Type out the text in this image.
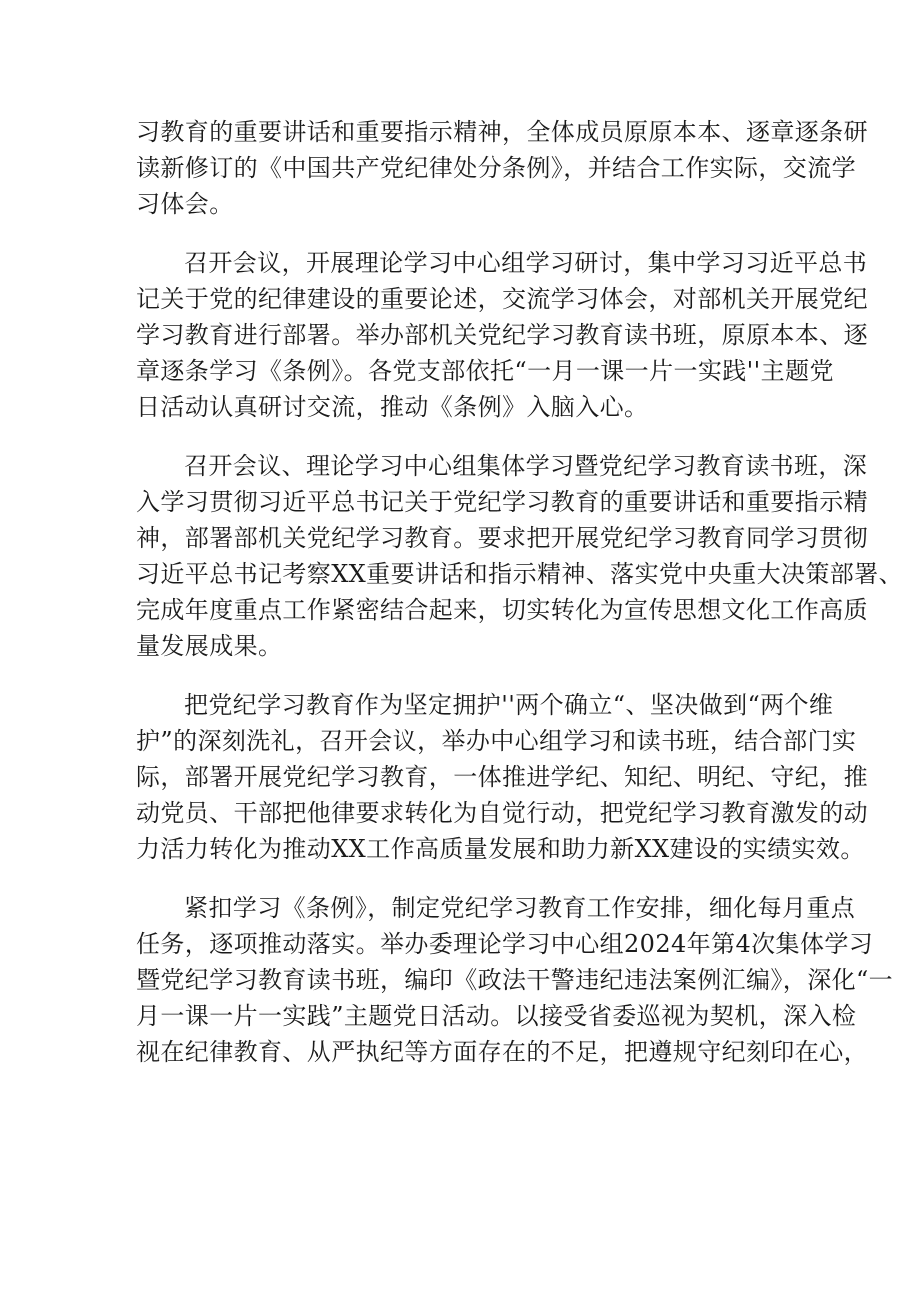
习教育的重要讲话和重要指示精神，全体成员原原本本、逐章逐条研
读新修订的《中国共产党纪律处分条例》，并结合工作实际，交流学
习体会。
召开会议，开展理论学习中心组学习研讨，集中学习习近平总书
记关于党的纪律建设的重要论述，交流学习体会，对部机关开展党纪
学习教育进行部署。举办部机关党纪学习教育读书班，原原本本、逐
章逐条学习《条例》。各党支部依托“一月一课一片一实践''主题党
日活动认真研讨交流，推动《条例》入脑入心。
召开会议、理论学习中心组集体学习暨党纪学习教育读书班，深
入学习贯彻习近平总书记关于党纪学习教育的重要讲话和重要指示精
神，部署部机关党纪学习教育。要求把开展党纪学习教育同学习贯彻
习近平总书记考察XX重要讲话和指示精神、落实党中央重大决策部署、
完成年度重点工作紧密结合起来，切实转化为宣传思想文化工作高质
量发展成果。
把党纪学习教育作为坚定拥护''两个确立“、坚决做到“两个维
护”的深刻洗礼，召开会议，举办中心组学习和读书班，结合部门实
际，部署开展党纪学习教育，一体推进学纪、知纪、明纪、守纪，推
动党员、干部把他律要求转化为自觉行动，把党纪学习教育激发的动
力活力转化为推动XX工作高质量发展和助力新XX建设的实绩实效。
紧扣学习《条例》，制定党纪学习教育工作安排，细化每月重点
任务，逐项推动落实。举办委理论学习中心组2024年第4次集体学习
暨党纪学习教育读书班，编印《政法干警违纪违法案例汇编》，深化“一
月一课一片一实践”主题党日活动。以接受省委巡视为契机，深入检
视在纪律教育、从严执纪等方面存在的不足，把遵规守纪刻印在心，
